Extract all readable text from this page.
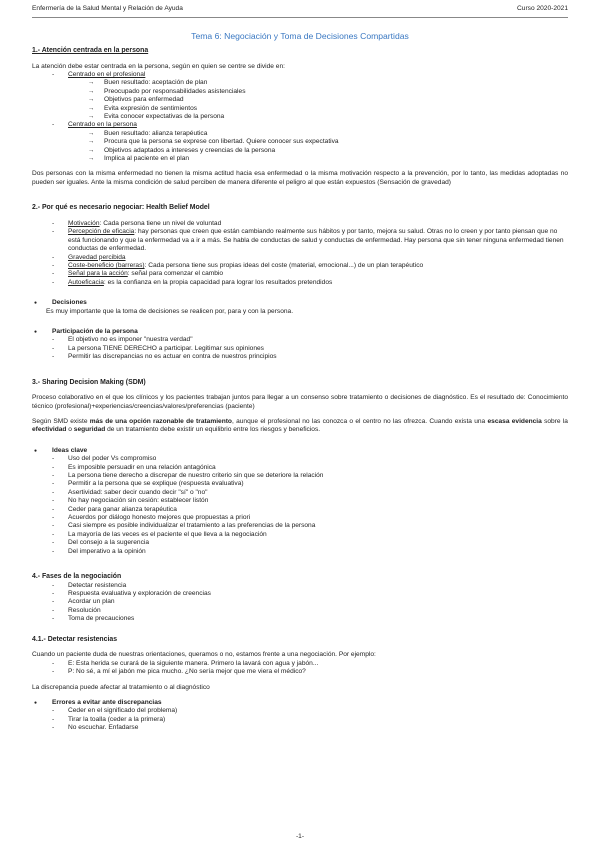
Enfermería de la Salud Mental y Relación de Ayuda	Curso 2020-2021
Tema 6: Negociación y Toma de Decisiones Compartidas
1.- Atención centrada en la persona

La atención debe estar centrada en la persona, según en quien se centre se divide en:

- Centrado en el profesional
→ Buen resultado: aceptación de plan
→ Preocupado por responsabilidades asistenciales
→ Objetivos para enfermedad
→ Evita expresión de sentimientos
→ Evita conocer expectativas de la persona
- Centrado en la persona
→ Buen resultado: alianza terapéutica
→ Procura que la persona se exprese con libertad. Quiere conocer sus expectativa
→ Objetivos adaptados a intereses y creencias de la persona
→ Implica al paciente en el plan

Dos personas con la misma enfermedad no tienen la misma actitud hacia esa enfermedad o la misma motivación respecto a la prevención, por lo tanto, las medidas adoptadas no pueden ser iguales. Ante la misma condición de salud perciben de manera diferente el peligro al que están expuestos (Sensación de gravedad)

2.- Por qué es necesario negociar: Health Belief Model
- Motivación: Cada persona tiene un nivel de voluntad
- Percepción de eficacia: hay personas que creen que están cambiando realmente sus hábitos y por tanto, mejora su salud. Otras no lo creen y por tanto piensan que no está funcionando y que la enfermedad va a ir a más. Se habla de conductas de salud y conductas de enfermedad. Hay persona que sin tener ninguna enfermedad tienen conductas de enfermedad.
- Gravedad percibida
- Coste-beneficio (barreras): Cada persona tiene sus propias ideas del coste (material, emocional...) de un plan terapéutico
- Señal para la acción: señal para comenzar el cambio
- Autoeficacia: es la confianza en la propia capacidad para lograr los resultados pretendidos
● Decisiones

Es muy importante que la toma de decisiones se realicen por, para y con la persona.

● Participación de la persona
- El objetivo no es imponer "nuestra verdad"
- La persona TIENE DERECHO a participar. Legitimar sus opiniones
- Permitir las discrepancias no es actuar en contra de nuestros principios
3.- Sharing Decision Making (SDM)

Proceso colaborativo en el que los clínicos y los pacientes trabajan juntos para llegar a un consenso sobre tratamiento o decisiones de diagnóstico. Es el resultado de: Conocimiento técnico (profesional)+experiencias/creencias/valores/preferencias (paciente)

Según SMD existe más de una opción razonable de tratamiento, aunque el profesional no las conozca o el centro no las ofrezca. Cuando exista una escasa evidencia sobre la efectividad o seguridad de un tratamiento debe existir un equilibrio entre los riesgos y beneficios.

● Ideas clave
- Uso del poder Vs compromiso
- Es imposible persuadir en una relación antagónica
- La persona tiene derecho a discrepar de nuestro criterio sin que se deteriore la relación
- Permitir a la persona que se explique (respuesta evaluativa)
- Asertividad: saber decir cuando decir "sí" o "no"
- No hay negociación sin cesión: establecer listón
- Ceder para ganar alianza terapéutica
- Acuerdos por diálogo honesto mejores que propuestas a priori
- Casi siempre es posible individualizar el tratamiento a las preferencias de la persona
- La mayoría de las veces es el paciente el que lleva a la negociación
- Del consejo a la sugerencia
- Del imperativo a la opinión
4.- Fases de la negociación
- Detectar resistencia
- Respuesta evaluativa y exploración de creencias
- Acordar un plan
- Resolución
- Toma de precauciones
4.1.- Detectar resistencias

Cuando un paciente duda de nuestras orientaciones, queramos o no, estamos frente a una negociación. Por ejemplo:

- E: Esta herida se curará de la siguiente manera. Primero la lavará con agua y jabón...
- P: No sé, a mí el jabón me pica mucho. ¿No sería mejor que me viera el médico?

La discrepancia puede afectar al tratamiento o al diagnóstico

● Errores a evitar ante discrepancias
- Ceder en el significado del problema)
- Tirar la toalla (ceder a la primera)
- No escuchar. Enfadarse
-1-
